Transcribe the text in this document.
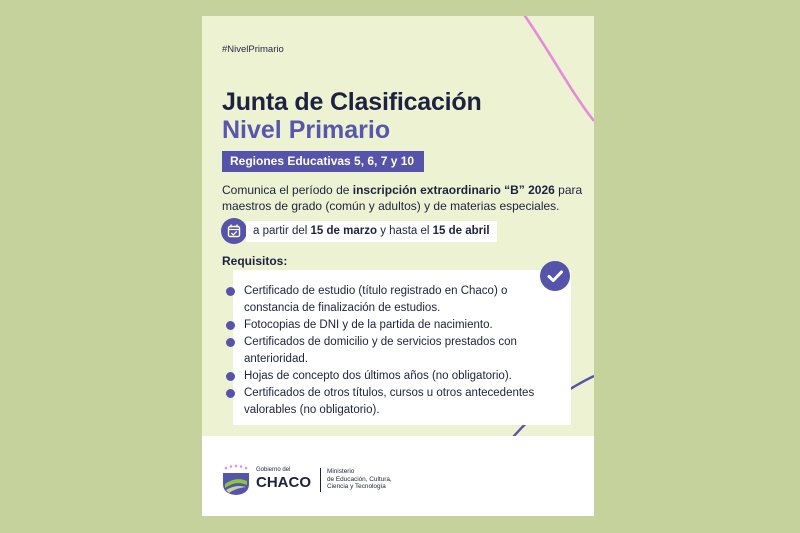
#NivelPrimario
Junta de Clasificación
Nivel Primario
Regiones Educativas 5, 6, 7 y 10
Comunica el período de inscripción extraordinario “B” 2026 para maestros de grado (común y adultos) y de materias especiales.
a partir del 15 de marzo y hasta el 15 de abril
Requisitos:
Certificado de estudio (título registrado en Chaco) o constancia de finalización de estudios.
Fotocopias de DNI y de la partida de nacimiento.
Certificados de domicilio y de servicios prestados con anterioridad.
Hojas de concepto dos últimos años (no obligatorio).
Certificados de otros títulos, cursos u otros antecedentes valorables (no obligatorio).
Gobierno del
CHACO
Ministerio
de Educación, Cultura,
Ciencia y Tecnología
